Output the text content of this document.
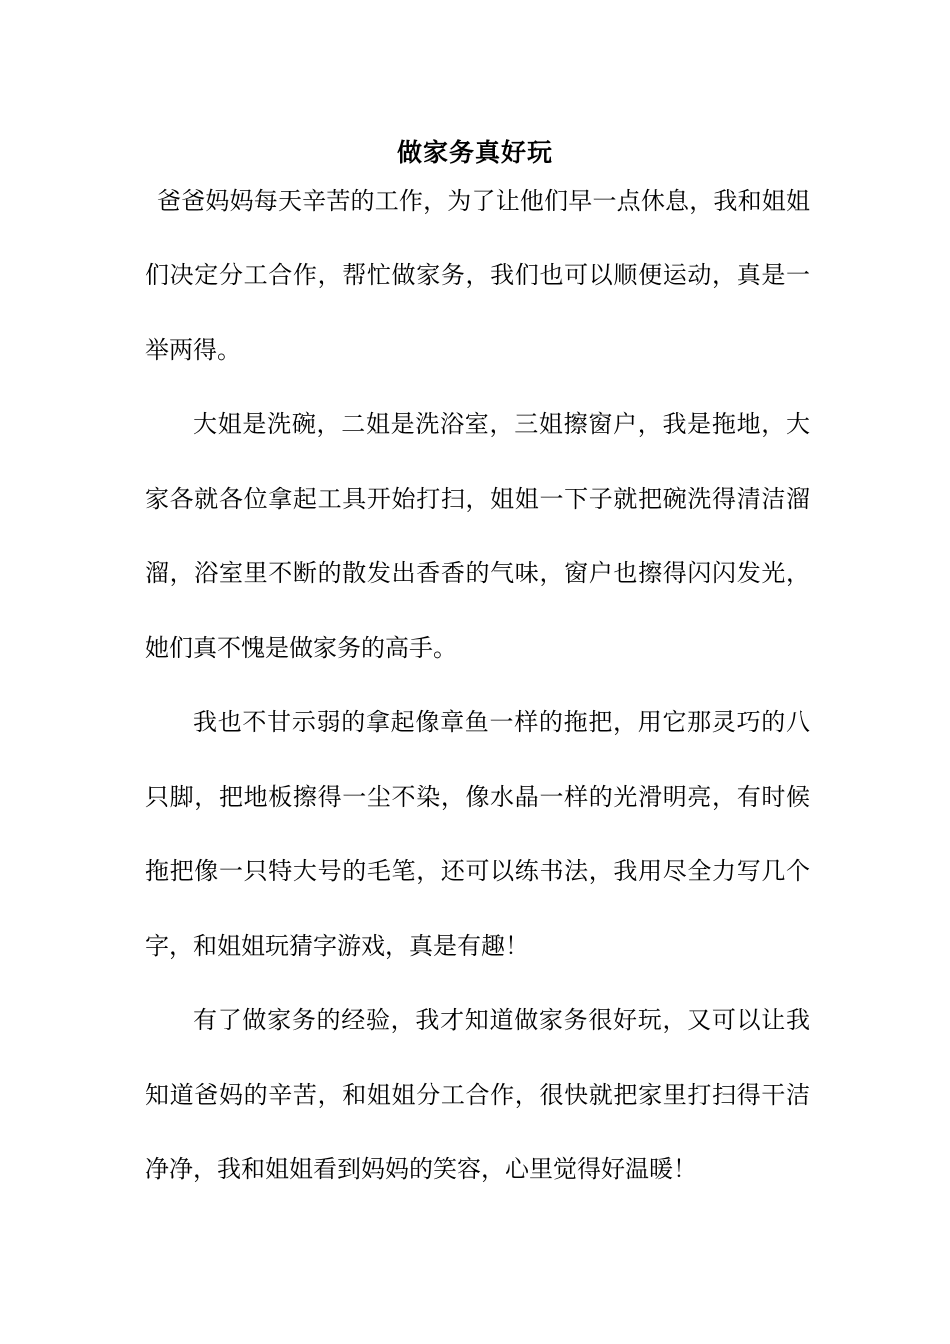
做家务真好玩
爸爸妈妈每天辛苦的工作，为了让他们早一点休息，我和姐姐
们决定分工合作，帮忙做家务，我们也可以顺便运动，真是一
举两得。
大姐是洗碗，二姐是洗浴室，三姐擦窗户，我是拖地，大
家各就各位拿起工具开始打扫，姐姐一下子就把碗洗得清洁溜
溜，浴室里不断的散发出香香的气味，窗户也擦得闪闪发光，
她们真不愧是做家务的高手。
我也不甘示弱的拿起像章鱼一样的拖把，用它那灵巧的八
只脚，把地板擦得一尘不染，像水晶一样的光滑明亮，有时候
拖把像一只特大号的毛笔，还可以练书法，我用尽全力写几个
字，和姐姐玩猜字游戏，真是有趣！
有了做家务的经验，我才知道做家务很好玩，又可以让我
知道爸妈的辛苦，和姐姐分工合作，很快就把家里打扫得干洁
净净，我和姐姐看到妈妈的笑容，心里觉得好温暖！
